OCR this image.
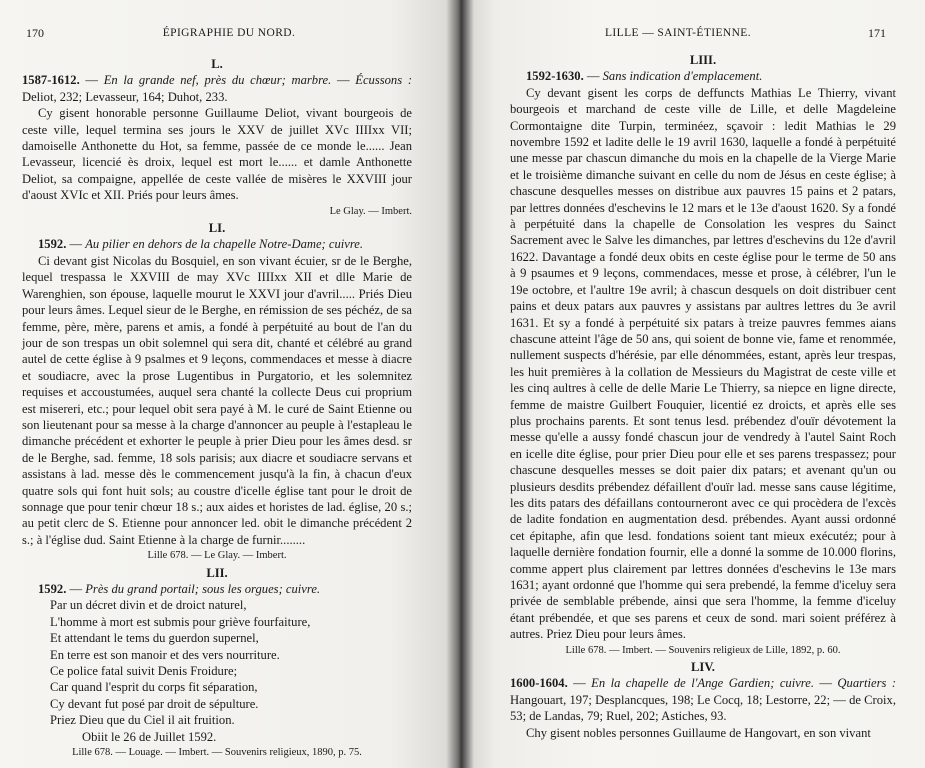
170	ÉPIGRAPHIE DU NORD.
L.

1587-1612. — En la grande nef, près du chœur; marbre. — Écussons : Deliot, 232; Levasseur, 164; Duhot, 233.

Cy gisent honorable personne Guillaume Deliot, vivant bourgeois de ceste ville, lequel termina ses jours le XXV de juillet XVc IIIIxx VII; damoiselle Anthonette du Hot, sa femme, passée de ce monde le...... Jean Levasseur, licencié ès droix, lequel est mort le...... et damle Anthonette Deliot, sa compaigne, appellée de ceste vallée de misères le XXVIII jour d'aoust XVIc et XII. Priés pour leurs âmes.

Le Glay. — Imbert.
LI.

1592. — Au pilier en dehors de la chapelle Notre-Dame; cuivre.

Ci devant gist Nicolas du Bosquiel, en son vivant écuier, sr de le Berghe, lequel trespassa le XXVIII de may XVc IIIIxx XII et dlle Marie de Warenghien, son épouse, laquelle mourut le XXVI jour d'avril..... Priés Dieu pour leurs âmes. Lequel sieur de le Berghe, en rémission de ses péchéz, de sa femme, père, mère, parens et amis, a fondé à perpétuité au bout de l'an du jour de son trespas un obit solemnel qui sera dit, chanté et célébré au grand autel de cette église à 9 psalmes et 9 leçons, commendaces et messe à diacre et soudiacre, avec la prose Lugentibus in Purgatorio, et les solemnitez requises et accoustumées, auquel sera chanté la collecte Deus cui proprium est misereri, etc.; pour lequel obit sera payé à M. le curé de Saint Etienne ou son lieutenant pour sa messe à la charge d'annoncer au peuple à l'estapleau le dimanche précédent et exhorter le peuple à prier Dieu pour les âmes desd. sr de le Berghe, sad. femme, 18 sols parisis; aux diacre et soudiacre servans et assistans à lad. messe dès le commencement jusqu'à la fin, à chacun d'eux quatre sols qui font huit sols; au coustre d'icelle église tant pour le droit de sonnage que pour tenir chœur 18 s.; aux aides et horistes de lad. église, 20 s.; au petit clerc de S. Etienne pour annoncer led. obit le dimanche précédent 2 s.; à l'église dud. Saint Etienne à la charge de furnir........

Lille 678. — Le Glay. — Imbert.
LII.

1592. — Près du grand portail; sous les orgues; cuivre.

Par un décret divin et de droict naturel,
L'homme à mort est submis pour griève fourfaiture,
Et attendant le tems du guerdon supernel,
En terre est son manoir et des vers nourriture.
Ce police fatal suivit Denis Froidure;
Car quand l'esprit du corps fit séparation,
Cy devant fut posé par droit de sépulture.
Priez Dieu que du Ciel il ait fruition.
Obiit le 26 de Juillet 1592.
Lille 678. — Louage. — Imbert. — Souvenirs religieux, 1890, p. 75.
LILLE — SAINT-ÉTIENNE.	171
LIII.

1592-1630. — Sans indication d'emplacement.

Cy devant gisent les corps de deffuncts Mathias Le Thierry, vivant bourgeois et marchand de ceste ville de Lille, et delle Magdeleine Cormontaigne dite Turpin, terminéez, sçavoir : ledit Mathias le 29 novembre 1592 et ladite delle le 19 avril 1630, laquelle a fondé à perpétuité une messe par chascun dimanche du mois en la chapelle de la Vierge Marie et le troisième dimanche suivant en celle du nom de Jésus en ceste église; à chascune desquelles messes on distribue aux pauvres 15 pains et 2 patars, par lettres données d'eschevins le 12 mars et le 13e d'aoust 1620. Sy a fondé à perpétuité dans la chapelle de Consolation les vespres du Sainct Sacrement avec le Salve les dimanches, par lettres d'eschevins du 12e d'avril 1622. Davantage a fondé deux obits en ceste église pour le terme de 50 ans à 9 psaumes et 9 leçons, commendaces, messe et prose, à célébrer, l'un le 19e octobre, et l'aultre 19e avril; à chascun desquels on doit distribuer cent pains et deux patars aux pauvres y assistans par aultres lettres du 3e avril 1631. Et sy a fondé à perpétuité six patars à treize pauvres femmes aians chascune atteint l'âge de 50 ans, qui soient de bonne vie, fame et renommée, nullement suspects d'hérésie, par elle dénommées, estant, après leur trespas, les huit premières à la collation de Messieurs du Magistrat de ceste ville et les cinq aultres à celle de delle Marie Le Thierry, sa niepce en ligne directe, femme de maistre Guilbert Fouquier, licentié ez droicts, et après elle ses plus prochains parents. Et sont tenus lesd. prébendez d'ouïr dévotement la messe qu'elle a aussy fondé chascun jour de vendredy à l'autel Saint Roch en icelle dite église, pour prier Dieu pour elle et ses parens trespassez; pour chascune desquelles messes se doit paier dix patars; et avenant qu'un ou plusieurs desdits prébendez défaillent d'ouïr lad. messe sans cause légitime, les dits patars des défaillans contourneront avec ce qui procèdera de l'excès de ladite fondation en augmentation desd. prébendes. Ayant aussi ordonné cet épitaphe, afin que lesd. fondations soient tant mieux exécutéz; pour à laquelle dernière fondation fournir, elle a donné la somme de 10.000 florins, comme appert plus clairement par lettres données d'eschevins le 13e mars 1631; ayant ordonné que l'homme qui sera prebendé, la femme d'iceluy sera privée de semblable prébende, ainsi que sera l'homme, la femme d'iceluy étant prébendée, et que ses parens et ceux de sond. mari soient préférez à autres. Priez Dieu pour leurs âmes.

Lille 678. — Imbert. — Souvenirs religieux de Lille, 1892, p. 60.
LIV.

1600-1604. — En la chapelle de l'Ange Gardien; cuivre. — Quartiers : Hangouart, 197; Desplancques, 198; Le Cocq, 18; Lestorre, 22; — de Croix, 53; de Landas, 79; Ruel, 202; Astiches, 93.

Chy gisent nobles personnes Guillaume de Hangovart, en son vivant
